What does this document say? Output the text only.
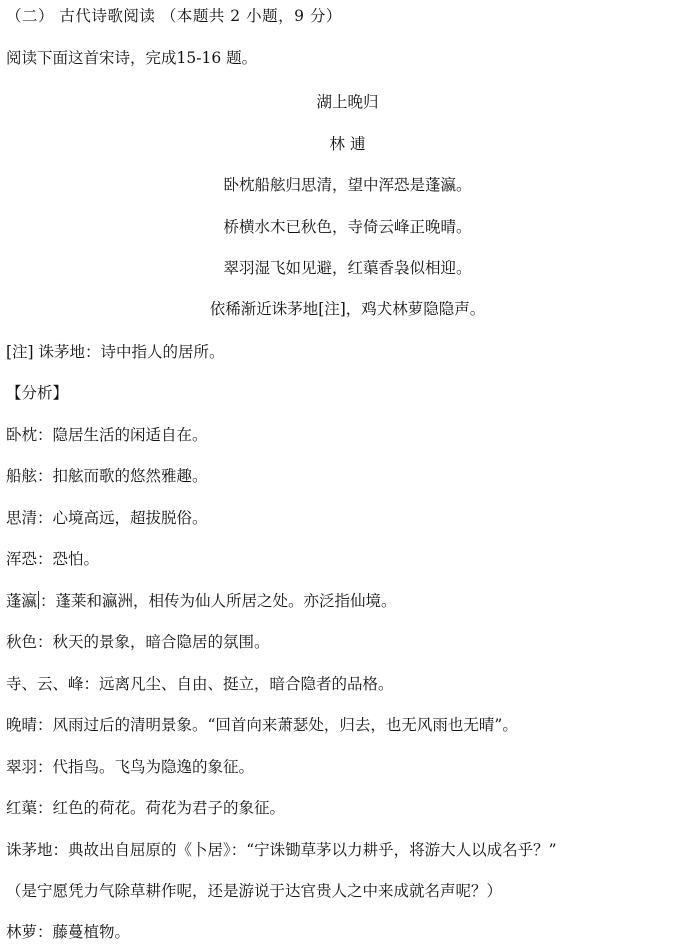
（二） 古代诗歌阅读 （本题共 2 小题，9 分）
阅读下面这首宋诗，完成15-16 题。
湖上晚归
林 逋
卧枕船舷归思清，望中浑恐是蓬瀛。
桥横水木已秋色，寺倚云峰正晚晴。
翠羽湿飞如见避，红蕖香袅似相迎。
依稀渐近诛茅地[注]，鸡犬林萝隐隐声。
[注] 诛茅地：诗中指人的居所。
【分析】
卧枕：隐居生活的闲适自在。
船舷：扣舷而歌的悠然雅趣。
思清：心境高远，超拔脱俗。
浑恐：恐怕。
蓬瀛 ：蓬莱和瀛洲，相传为仙人所居之处。亦泛指仙境。
秋色：秋天的景象，暗合隐居的氛围。
寺、云、峰：远离凡尘、自由、挺立，暗合隐者的品格。
晚晴：风雨过后的清明景象。“回首向来萧瑟处，归去，也无风雨也无晴”。
翠羽：代指鸟。飞鸟为隐逸的象征。
红蕖：红色的荷花。荷花为君子的象征。
诛茅地：典故出自屈原的《卜居》：“宁诛锄草茅以力耕乎，将游大人以成名乎？”
（是宁愿凭力气除草耕作呢，还是游说于达官贵人之中来成就名声呢？）
林萝：藤蔓植物。
